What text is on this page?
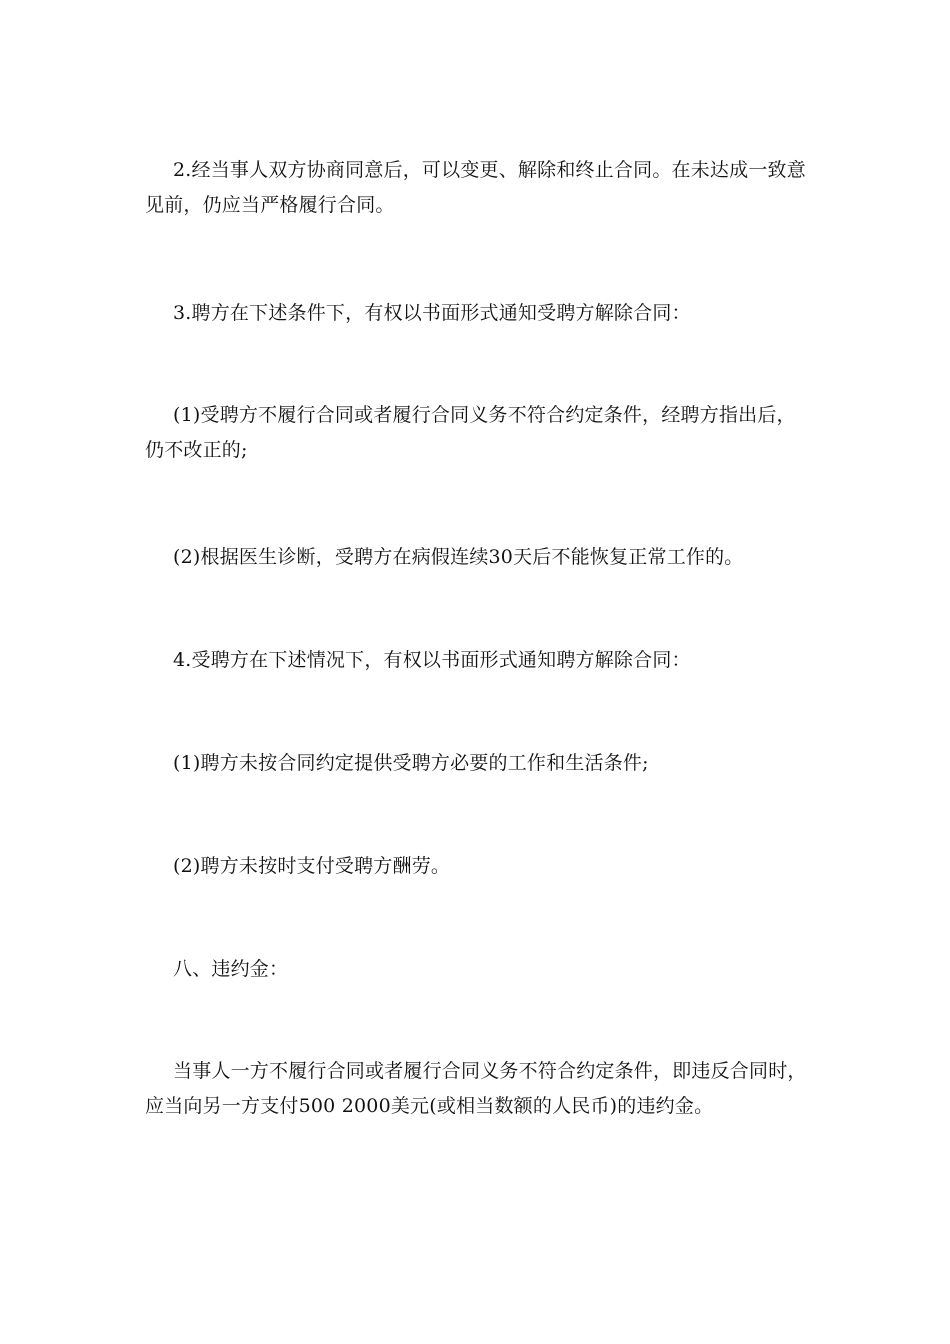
2.经当事人双方协商同意后，可以变更、解除和终止合同。在未达成一致意
见前，仍应当严格履行合同。
3.聘方在下述条件下，有权以书面形式通知受聘方解除合同：
(1)受聘方不履行合同或者履行合同义务不符合约定条件，经聘方指出后，
仍不改正的;
(2)根据医生诊断，受聘方在病假连续30天后不能恢复正常工作的。
4.受聘方在下述情况下，有权以书面形式通知聘方解除合同：
(1)聘方未按合同约定提供受聘方必要的工作和生活条件;
(2)聘方未按时支付受聘方酬劳。
八、违约金：
当事人一方不履行合同或者履行合同义务不符合约定条件，即违反合同时，
应当向另一方支付500 2000美元(或相当数额的人民币)的违约金。
